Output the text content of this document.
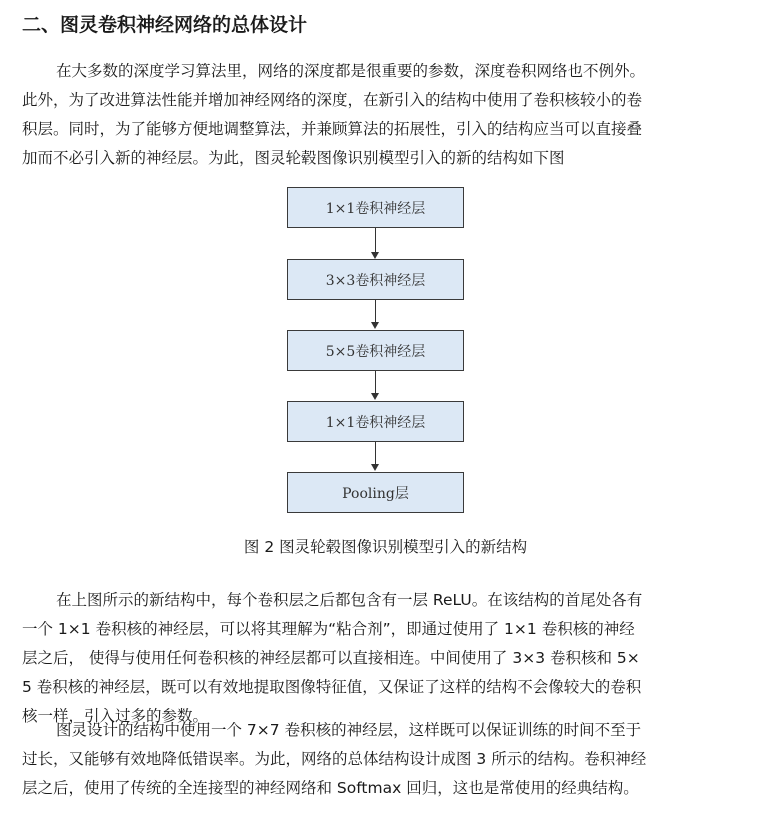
二、图灵卷积神经网络的总体设计
在大多数的深度学习算法里，网络的深度都是很重要的参数，深度卷积网络也不例外。
此外，为了改进算法性能并增加神经网络的深度，在新引入的结构中使用了卷积核较小的卷
积层。同时，为了能够方便地调整算法，并兼顾算法的拓展性，引入的结构应当可以直接叠
加而不必引入新的神经层。为此，图灵轮毂图像识别模型引入的新的结构如下图
1×1卷积神经层
3×3卷积神经层
5×5卷积神经层
1×1卷积神经层
Pooling层
图 2 图灵轮毂图像识别模型引入的新结构
在上图所示的新结构中，每个卷积层之后都包含有一层 ReLU。在该结构的首尾处各有
一个 1×1 卷积核的神经层，可以将其理解为“粘合剂”，即通过使用了 1×1 卷积核的神经
层之后， 使得与使用任何卷积核的神经层都可以直接相连。中间使用了 3×3 卷积核和 5×
5 卷积核的神经层，既可以有效地提取图像特征值，又保证了这样的结构不会像较大的卷积
核一样，引入过多的参数。
图灵设计的结构中使用一个 7×7 卷积核的神经层，这样既可以保证训练的时间不至于
过长，又能够有效地降低错误率。为此，网络的总体结构设计成图 3 所示的结构。卷积神经
层之后，使用了传统的全连接型的神经网络和 Softmax 回归，这也是常使用的经典结构。
